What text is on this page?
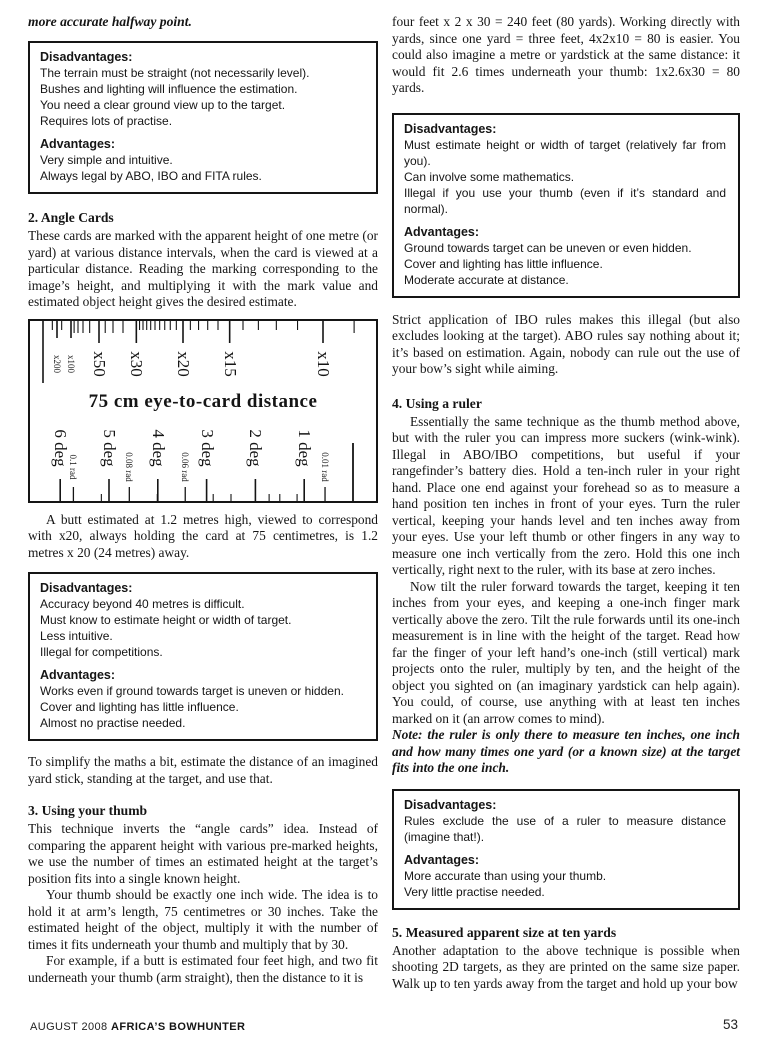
more accurate halfway point.

Disadvantages:
The terrain must be straight (not necessarily level).
Bushes and lighting will influence the estimation.
You need a clear ground view up to the target.
Requires lots of practise.
Advantages:
Very simple and intuitive.
Always legal by ABO, IBO and FITA rules.
2. Angle Cards

These cards are marked with the apparent height of one metre (or yard) at various distance intervals, when the card is viewed at a particular distance. Reading the marking corresponding to the image’s height, and multiplying it with the mark value and estimated object height gives the desired estimate.

x200 x100 x50 x30 x20 x15	x10
75 cm eye-to-card distance
6 deg 5 deg 4 deg 3 deg 2 deg 1 deg
0.1 rad	0.08 rad	0.06 rad	0.01 rad

A butt estimated at 1.2 metres high, viewed to correspond with x20, always holding the card at 75 centimetres, is 1.2 metres x 20 (24 metres) away.

Disadvantages:
Accuracy beyond 40 metres is difficult.
Must know to estimate height or width of target.
Less intuitive.
Illegal for competitions.
Advantages:
Works even if ground towards target is uneven or hidden.
Cover and lighting has little influence.
Almost no practise needed.

To simplify the maths a bit, estimate the distance of an imagined yard stick, standing at the target, and use that.

3. Using your thumb

This technique inverts the “angle cards” idea. Instead of comparing the apparent height with various pre-marked heights, we use the number of times an estimated height at the target’s position fits into a single known height.

Your thumb should be exactly one inch wide. The idea is to hold it at arm’s length, 75 centimetres or 30 inches. Take the estimated height of the object, multiply it with the number of times it fits underneath your thumb and multiply that by 30.

For example, if a butt is estimated four feet high, and two fit underneath your thumb (arm straight), then the distance to it is

four feet x 2 x 30 = 240 feet (80 yards). Working directly with yards, since one yard = three feet, 4x2x10 = 80 is easier. You could also imagine a metre or yardstick at the same distance: it would fit 2.6 times underneath your thumb: 1x2.6x30 = 80 yards.

Disadvantages:
Must estimate height or width of target (relatively far from you).
Can involve some mathematics.
Illegal if you use your thumb (even if it’s standard and normal).
Advantages:
Ground towards target can be uneven or even hidden.
Cover and lighting has little influence.
Moderate accurate at distance.

Strict application of IBO rules makes this illegal (but also excludes looking at the target). ABO rules say nothing about it; it’s based on estimation. Again, nobody can rule out the use of your bow’s sight while aiming.

4. Using a ruler

Essentially the same technique as the thumb method above, but with the ruler you can impress more suckers (wink-wink). Illegal in ABO/IBO competitions, but useful if your rangefinder’s battery dies. Hold a ten-inch ruler in your right hand. Place one end against your forehead so as to measure a hand position ten inches in front of your eyes. Turn the ruler vertical, keeping your hands level and ten inches away from your eyes. Use your left thumb or other fingers in any way to measure one inch vertically from the zero. Hold this one inch vertically, right next to the ruler, with its base at zero inches.

Now tilt the ruler forward towards the target, keeping it ten inches from your eyes, and keeping a one-inch finger mark vertically above the zero. Tilt the rule forwards until its one-inch measurement is in line with the height of the target. Read how far the finger of your left hand’s one-inch (still vertical) mark projects onto the ruler, multiply by ten, and the height of the object you sighted on (an imaginary yardstick can help again). You could, of course, use anything with at least ten inches marked on it (an arrow comes to mind).

Note: the ruler is only there to measure ten inches, one inch and how many times one yard (or a known size) at the target fits into the one inch.

Disadvantages:
Rules exclude the use of a ruler to measure distance (imagine that!).
Advantages:
More accurate than using your thumb.
Very little practise needed.
5. Measured apparent size at ten yards

Another adaptation to the above technique is possible when shooting 2D targets, as they are printed on the same size paper. Walk up to ten yards away from the target and hold up your bow

AUGUST 2008 AFRICA’S BOWHUNTER	53
